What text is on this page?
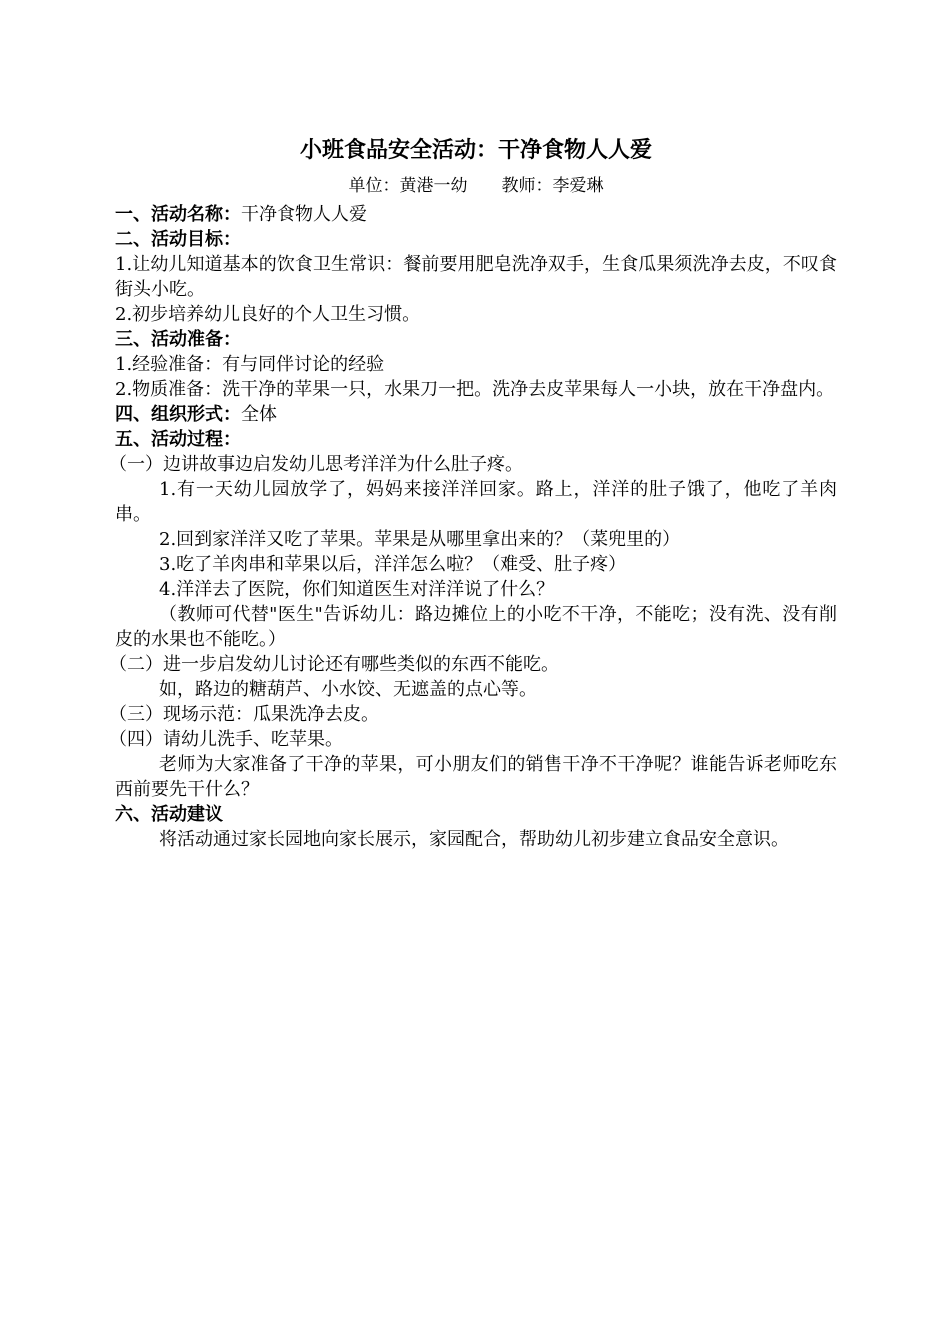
小班食品安全活动：干净食物人人爱

单位：黄港一幼 教师：李爱琳

一、活动名称：干净食物人人爱

二、活动目标：

1.让幼儿知道基本的饮食卫生常识：餐前要用肥皂洗净双手，生食瓜果须洗净去皮，不叹食街头小吃。

2.初步培养幼儿良好的个人卫生习惯。

三、活动准备：

1.经验准备：有与同伴讨论的经验

2.物质准备：洗干净的苹果一只，水果刀一把。洗净去皮苹果每人一小块，放在干净盘内。

四、组织形式：全体

五、活动过程：

（一）边讲故事边启发幼儿思考洋洋为什么肚子疼。

1.有一天幼儿园放学了，妈妈来接洋洋回家。路上，洋洋的肚子饿了，他吃了羊肉串。

2.回到家洋洋又吃了苹果。苹果是从哪里拿出来的？（菜兜里的）

3.吃了羊肉串和苹果以后，洋洋怎么啦？（难受、肚子疼）

4.洋洋去了医院，你们知道医生对洋洋说了什么？

（教师可代替"医生"告诉幼儿：路边摊位上的小吃不干净，不能吃；没有洗、没有削皮的水果也不能吃。）

（二）进一步启发幼儿讨论还有哪些类似的东西不能吃。

如，路边的糖葫芦、小水饺、无遮盖的点心等。

（三）现场示范：瓜果洗净去皮。

（四）请幼儿洗手、吃苹果。

老师为大家准备了干净的苹果，可小朋友们的销售干净不干净呢？谁能告诉老师吃东西前要先干什么？

六、活动建议

将活动通过家长园地向家长展示，家园配合，帮助幼儿初步建立食品安全意识。
